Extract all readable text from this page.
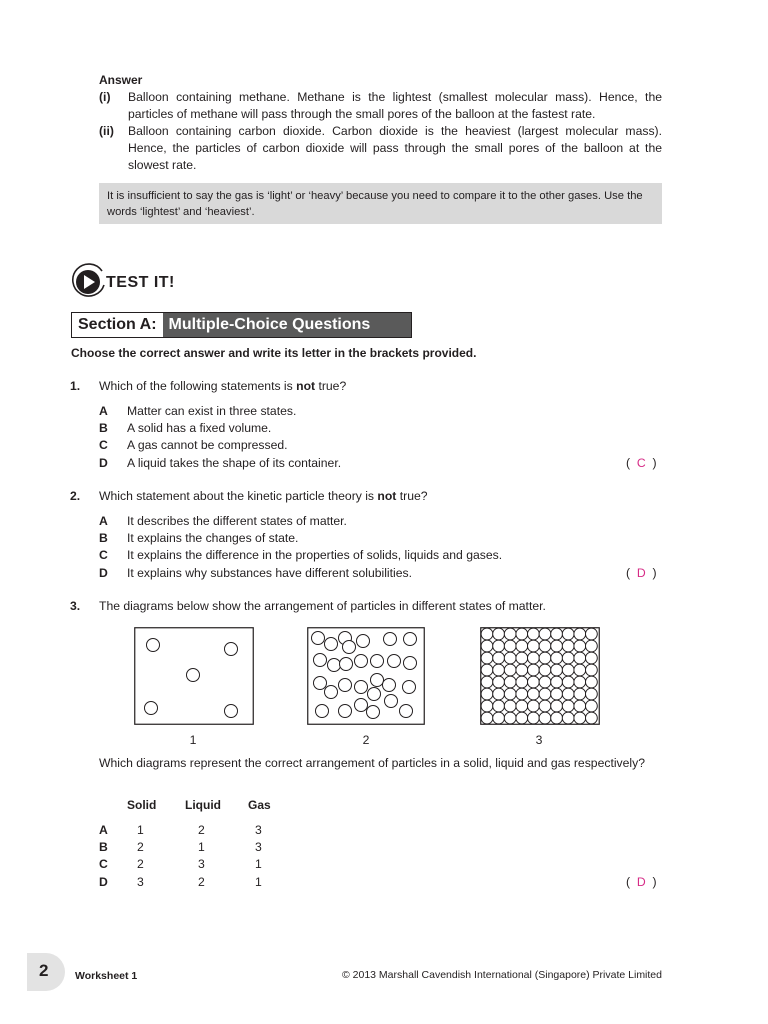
Answer
(i) Balloon containing methane. Methane is the lightest (smallest molecular mass). Hence, the particles of methane will pass through the small pores of the balloon at the fastest rate.
(ii) Balloon containing carbon dioxide. Carbon dioxide is the heaviest (largest molecular mass). Hence, the particles of carbon dioxide will pass through the small pores of the balloon at the slowest rate.
It is insufficient to say the gas is ‘light’ or ‘heavy’ because you need to compare it to the other gases. Use the words ‘lightest’ and ‘heaviest’.
TEST IT!
Section A: Multiple-Choice Questions
Choose the correct answer and write its letter in the brackets provided.
1. Which of the following statements is not true?
A Matter can exist in three states.
B A solid has a fixed volume.
C A gas cannot be compressed.
D A liquid takes the shape of its container.	( C )
2. Which statement about the kinetic particle theory is not true?
A It describes the different states of matter.
B It explains the changes of state.
C It explains the difference in the properties of solids, liquids and gases.
D It explains why substances have different solubilities.	( D )
3. The diagrams below show the arrangement of particles in different states of matter.
1	2	3
Which diagrams represent the correct arrangement of particles in a solid, liquid and gas respectively?
Solid Liquid Gas
A 1	2	3
B 2	1	3
C 2	3	1
D 3	2	1	( D )
2	Worksheet 1	© 2013 Marshall Cavendish International (Singapore) Private Limited
